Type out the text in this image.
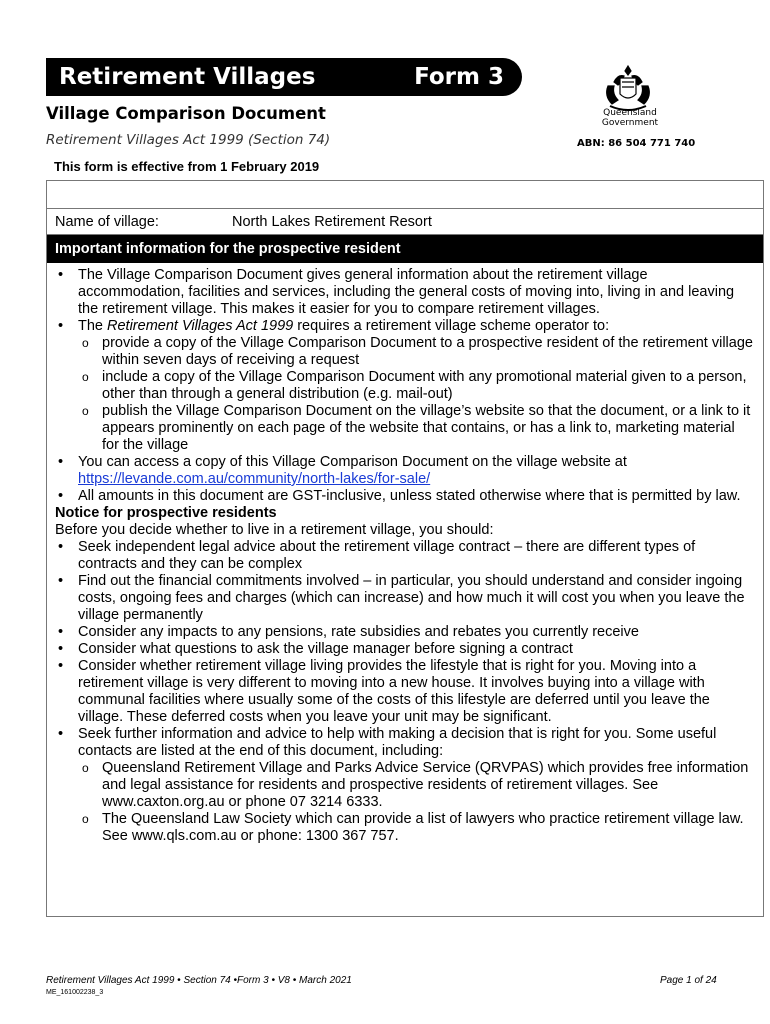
Retirement Villages	Form 3
Village Comparison Document
Retirement Villages Act 1999 (Section 74)
Queensland
Government
ABN: 86 504 771 740
This form is effective from 1 February 2019
Name of village:	North Lakes Retirement Resort
Important information for the prospective resident
• The Village Comparison Document gives general information about the retirement village accommodation, facilities and services, including the general costs of moving into, living in and leaving the retirement village. This makes it easier for you to compare retirement villages.
• The Retirement Villages Act 1999 requires a retirement village scheme operator to:
o provide a copy of the Village Comparison Document to a prospective resident of the retirement village within seven days of receiving a request
o include a copy of the Village Comparison Document with any promotional material given to a person, other than through a general distribution (e.g. mail-out)
o publish the Village Comparison Document on the village’s website so that the document, or a link to it appears prominently on each page of the website that contains, or has a link to, marketing material for the village
• You can access a copy of this Village Comparison Document on the village website at https://levande.com.au/community/north-lakes/for-sale/
• All amounts in this document are GST-inclusive, unless stated otherwise where that is permitted by law.

Notice for prospective residents

Before you decide whether to live in a retirement village, you should:

• Seek independent legal advice about the retirement village contract – there are different types of contracts and they can be complex
• Find out the financial commitments involved – in particular, you should understand and consider ingoing costs, ongoing fees and charges (which can increase) and how much it will cost you when you leave the village permanently
• Consider any impacts to any pensions, rate subsidies and rebates you currently receive
• Consider what questions to ask the village manager before signing a contract
• Consider whether retirement village living provides the lifestyle that is right for you. Moving into a retirement village is very different to moving into a new house. It involves buying into a village with communal facilities where usually some of the costs of this lifestyle are deferred until you leave the village. These deferred costs when you leave your unit may be significant.
• Seek further information and advice to help with making a decision that is right for you. Some useful contacts are listed at the end of this document, including:
o Queensland Retirement Village and Parks Advice Service (QRVPAS) which provides free information and legal assistance for residents and prospective residents of retirement villages. See www.caxton.org.au or phone 07 3214 6333.
o The Queensland Law Society which can provide a list of lawyers who practice retirement village law. See www.qls.com.au or phone: 1300 367 757.
Retirement Villages Act 1999 • Section 74 •Form 3 • V8 • March 2021
ME_161002238_3
Page 1 of 24
